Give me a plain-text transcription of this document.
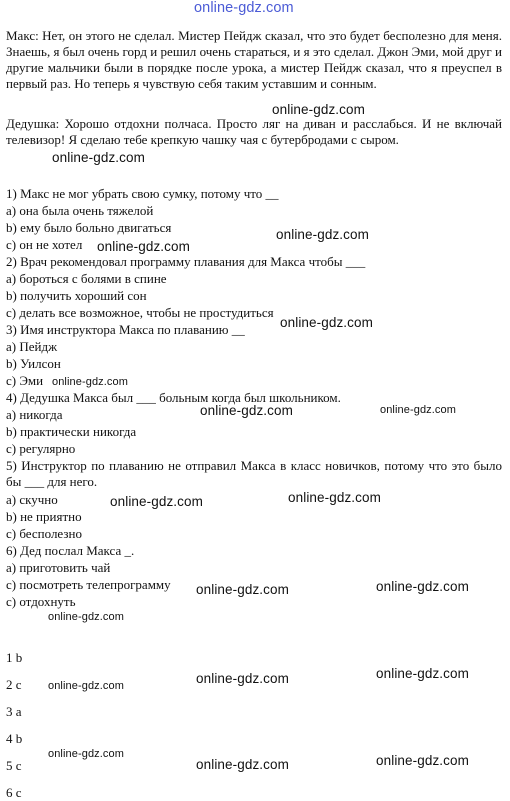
online-gdz.com
Макс: Нет, он этого не сделал. Мистер Пейдж сказал, что это будет бесполезно для меня. Знаешь, я был очень горд и решил очень стараться, и я это сделал. Джон Эми, мой друг и другие мальчики были в порядке после урока, а мистер Пейдж сказал, что я преуспел в первый раз. Но теперь я чувствую себя таким уставшим и сонным.
Дедушка: Хорошо отдохни полчаса. Просто ляг на диван и расслабься. И не включай телевизор! Я сделаю тебе крепкую чашку чая с бутербродами с сыром.
1) Макс не мог убрать свою сумку, потому что __
a) она была очень тяжелой
b) ему было больно двигаться
c) он не хотел
2) Врач рекомендовал программу плавания для Макса чтобы ___
a) бороться с болями в спине
b) получить хороший сон
c) делать все возможное, чтобы не простудиться
3) Имя инструктора Макса по плаванию __
a) Пейдж
b) Уилсон
c) Эми
4) Дедушка Макса был ___ больным когда был школьником.
a) никогда
b) практически никогда
c) регулярно
5) Инструктор по плаванию не отправил Макса в класс новичков, потому что это было бы ___ для него.
a) скучно
b) не приятно
c) бесполезно
6) Дед послал Макса _.
a) приготовить чай
c) посмотреть телепрограмму
c) отдохнуть
1 b
2 c
3 a
4 b
5 c
6 c
online-gdz.com
online-gdz.com
online-gdz.com
online-gdz.com
online-gdz.com
online-gdz.com
online-gdz.com	online-gdz.com
online-gdz.com
online-gdz.com
online-gdz.com	online-gdz.com
online-gdz.com
online-gdz.com	online-gdz.com
online-gdz.com
online-gdz.com
online-gdz.com	online-gdz.com
